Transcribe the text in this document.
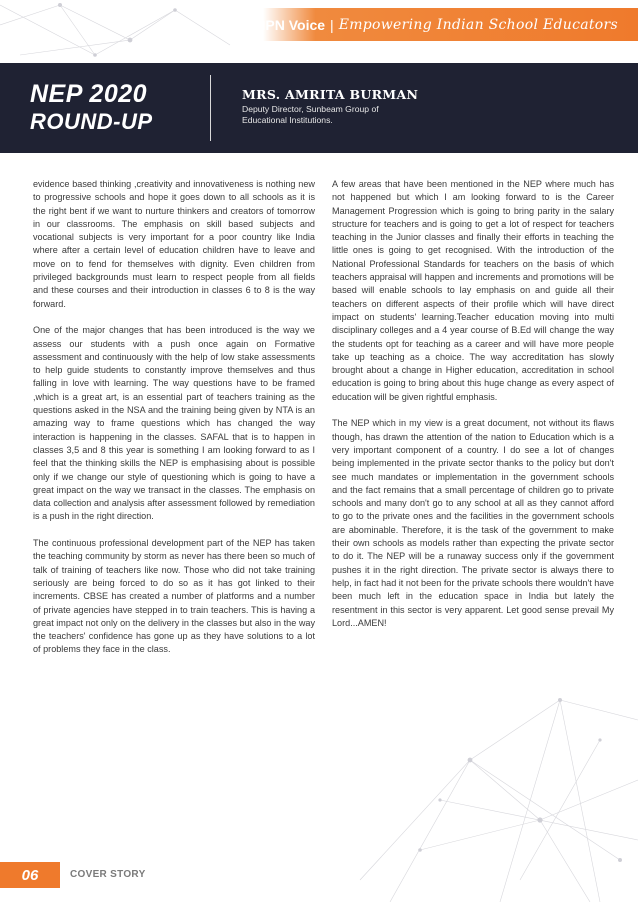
IPN Voice | Empowering Indian School Educators
NEP 2020
ROUND-UP
MRS. AMRITA BURMAN
Deputy Director, Sunbeam Group of Educational Institutions.

evidence based thinking ,creativity and innovativeness is nothing new to progressive schools and hope it goes down to all schools as it is the right bent if we want to nurture thinkers and creators of tomorrow in our classrooms. The emphasis on skill based subjects and vocational subjects is very important for a poor country like India where after a certain level of education children have to leave and move on to fend for themselves with dignity. Even children from privileged backgrounds must learn to respect people from all fields and these courses and their introduction in classes 6 to 8 is the way forward.

One of the major changes that has been introduced is the way we assess our students with a push once again on Formative assessment and continuously with the help of low stake assessments to help guide students to constantly improve themselves and thus falling in love with learning. The way questions have to be framed ,which is a great art, is an essential part of teachers training as the questions asked in the NSA and the training being given by NTA is an amazing way to frame questions which has changed the way interaction is happening in the classes. SAFAL that is to happen in classes 3,5 and 8 this year is something I am looking forward to as I feel that the thinking skills the NEP is emphasising about is possible only if we change our style of questioning which is going to have a great impact on the way we transact in the classes. The emphasis on data collection and analysis after assessment followed by remediation is a push in the right direction.

The continuous professional development part of the NEP has taken the teaching community by storm as never has there been so much of talk of training of teachers like now. Those who did not take training seriously are being forced to do so as it has got linked to their increments. CBSE has created a number of platforms and a number of private agencies have stepped in to train teachers. This is having a great impact not only on the delivery in the classes but also in the way the teachers' confidence has gone up as they have solutions to a lot of problems they face in the class.

A few areas that have been mentioned in the NEP where much has not happened but which I am looking forward to is the Career Management Progression which is going to bring parity in the salary structure for teachers and is going to get a lot of respect for teachers teaching in the Junior classes and finally their efforts in teaching the little ones is going to get recognised. With the introduction of the National Professional Standards for teachers on the basis of which teachers appraisal will happen and increments and promotions will be based will enable schools to lay emphasis on and guide all their teachers on different aspects of their profile which will have direct impact on students' learning.Teacher education moving into multi disciplinary colleges and a 4 year course of B.Ed will change the way the students opt for teaching as a career and will have more people take up teaching as a choice. The way accreditation has slowly brought about a change in Higher education, accreditation in school education is going to bring about this huge change as every aspect of education will be given rightful emphasis.

The NEP which in my view is a great document, not without its flaws though, has drawn the attention of the nation to Education which is a very important component of a country. I do see a lot of changes being implemented in the private sector thanks to the policy but don't see much mandates or implementation in the government schools and the fact remains that a small percentage of children go to private schools and many don't go to any school at all as they cannot afford to go to the private ones and the facilities in the government schools are abominable. Therefore, it is the task of the government to make their own schools as models rather than expecting the private sector to do it. The NEP will be a runaway success only if the government pushes it in the right direction. The private sector is always there to help, in fact had it not been for the private schools there wouldn't have been much left in the education space in India but lately the resentment in this sector is very apparent. Let good sense prevail My Lord...AMEN!

06	COVER STORY
